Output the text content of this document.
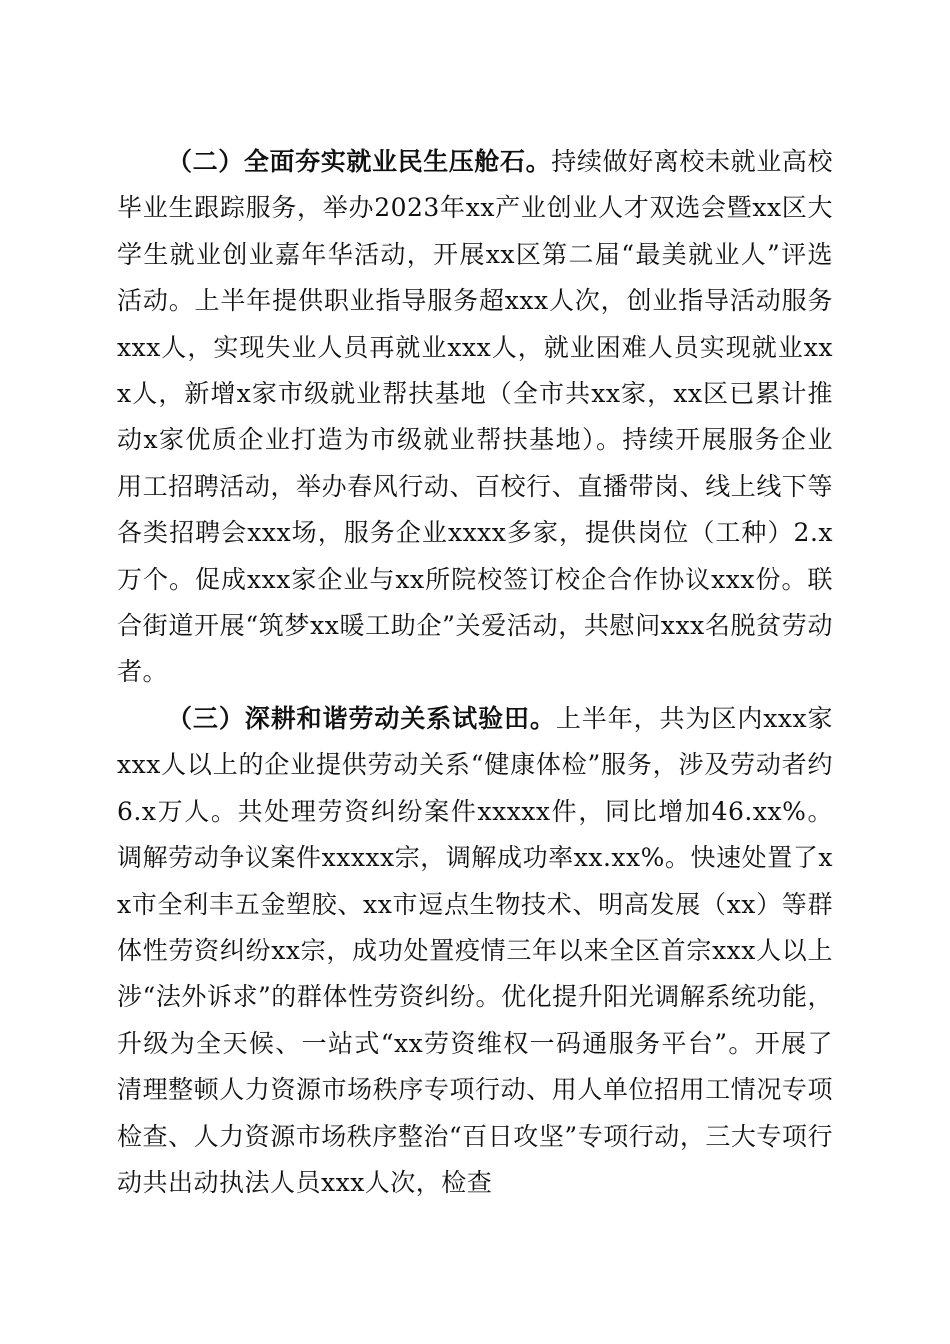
（二）全面夯实就业民生压舱石。持续做好离校未就业高校毕业生跟踪服务，举办2023年xx产业创业人才双选会暨xx区大学生就业创业嘉年华活动，开展xx区第二届“最美就业人”评选活动。上半年提供职业指导服务超xxx人次，创业指导活动服务xxx人，实现失业人员再就业xxx人，就业困难人员实现就业xxx人，新增x家市级就业帮扶基地（全市共xx家，xx区已累计推动x家优质企业打造为市级就业帮扶基地）。持续开展服务企业用工招聘活动，举办春风行动、百校行、直播带岗、线上线下等各类招聘会xxx场，服务企业xxxx多家，提供岗位（工种）2.x万个。促成xxx家企业与xx所院校签订校企合作协议xxx份。联合街道开展“筑梦xx暖工助企”关爱活动，共慰问xxx名脱贫劳动者。

（三）深耕和谐劳动关系试验田。上半年，共为区内xxx家xxx人以上的企业提供劳动关系“健康体检”服务，涉及劳动者约6.x万人。共处理劳资纠纷案件xxxxx件，同比增加46.xx%。调解劳动争议案件xxxxx宗，调解成功率xx.xx%。快速处置了xx市全利丰五金塑胶、xx市逗点生物技术、明高发展（xx）等群体性劳资纠纷xx宗，成功处置疫情三年以来全区首宗xxx人以上涉“法外诉求”的群体性劳资纠纷。优化提升阳光调解系统功能，升级为全天候、一站式“xx劳资维权一码通服务平台”。开展了清理整顿人力资源市场秩序专项行动、用人单位招用工情况专项检查、人力资源市场秩序整治“百日攻坚”专项行动，三大专项行动共出动执法人员xxx人次，检查
